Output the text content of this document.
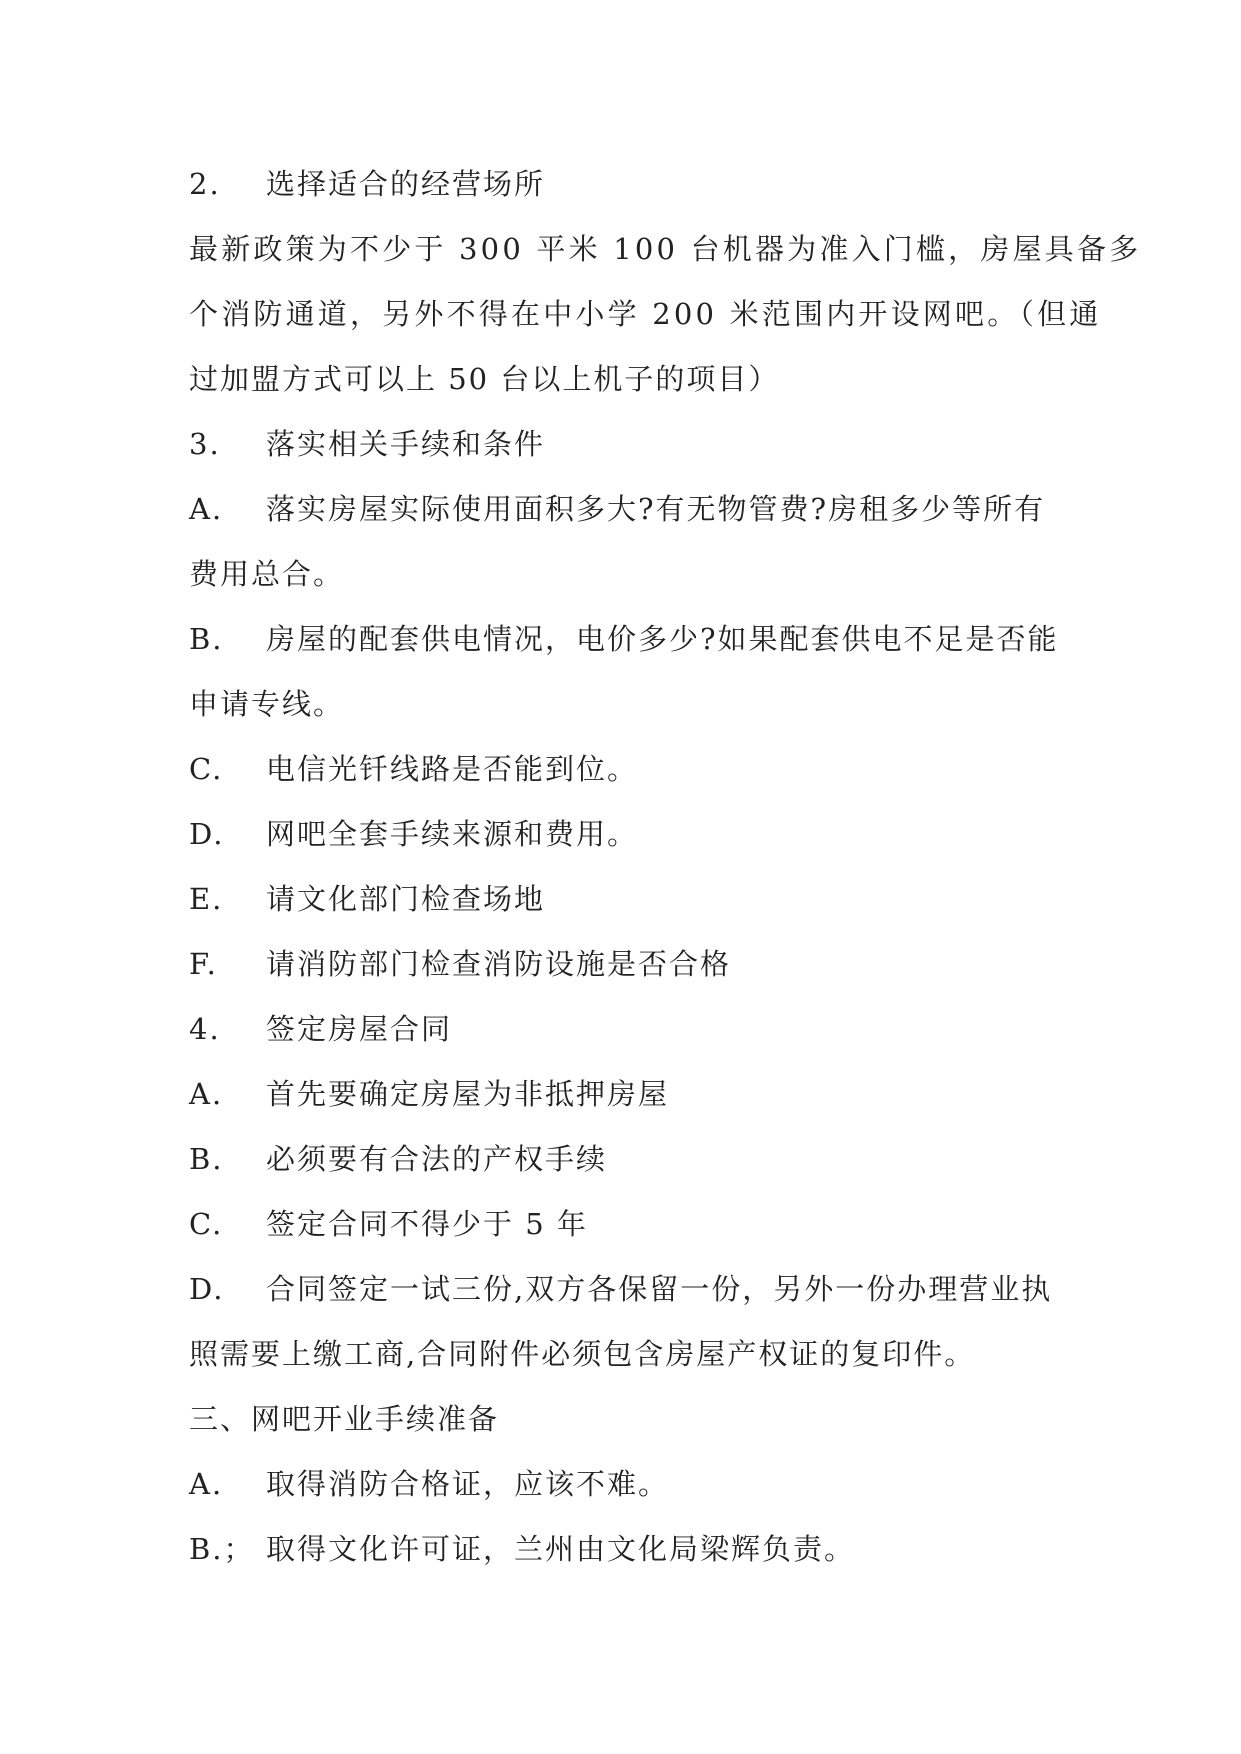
2. 选择适合的经营场所
最新政策为不少于 300 平米 100 台机器为准入门槛，房屋具备多
个消防通道，另外不得在中小学 200 米范围内开设网吧。（但通
过加盟方式可以上 50 台以上机子的项目）
3. 落实相关手续和条件
A. 落实房屋实际使用面积多大?有无物管费?房租多少等所有
费用总合。
B. 房屋的配套供电情况，电价多少?如果配套供电不足是否能
申请专线。
C. 电信光钎线路是否能到位。
D. 网吧全套手续来源和费用。
E. 请文化部门检查场地
F. 请消防部门检查消防设施是否合格
4. 签定房屋合同
A. 首先要确定房屋为非抵押房屋
B. 必须要有合法的产权手续
C. 签定合同不得少于 5 年
D. 合同签定一试三份,双方各保留一份，另外一份办理营业执
照需要上缴工商,合同附件必须包含房屋产权证的复印件。
三、网吧开业手续准备
A. 取得消防合格证，应该不难。
B.； 取得文化许可证，兰州由文化局梁辉负责。
